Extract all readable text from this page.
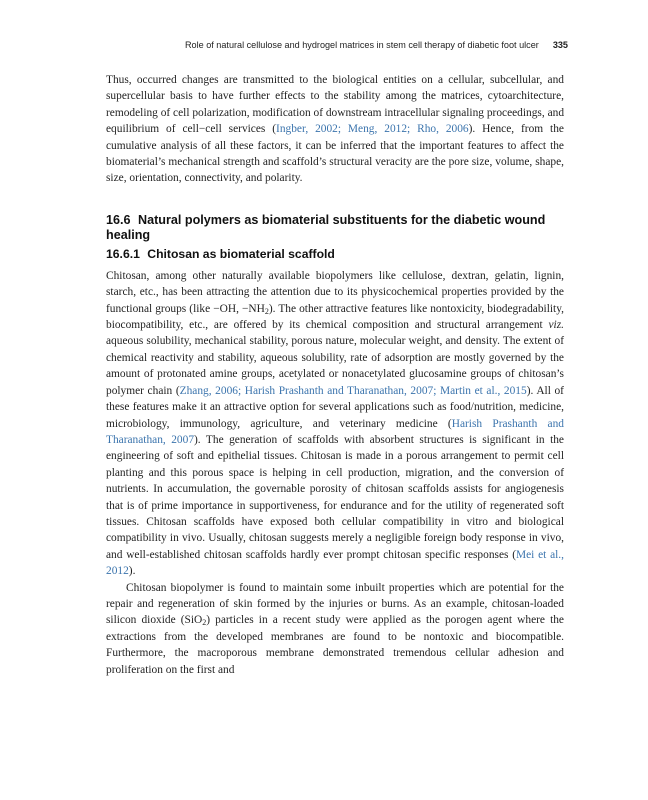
Role of natural cellulose and hydrogel matrices in stem cell therapy of diabetic foot ulcer 335

Thus, occurred changes are transmitted to the biological entities on a cellular, subcellular, and supercellular basis to have further effects to the stability among the matrices, cytoarchitecture, remodeling of cell polarization, modification of downstream intracellular signaling proceedings, and equilibrium of cell−cell services (Ingber, 2002; Meng, 2012; Rho, 2006). Hence, from the cumulative analysis of all these factors, it can be inferred that the important features to affect the biomaterial’s mechanical strength and scaffold’s structural veracity are the pore size, volume, shape, size, orientation, connectivity, and polarity.

16.6 Natural polymers as biomaterial substituents for the diabetic wound healing
16.6.1 Chitosan as biomaterial scaffold

Chitosan, among other naturally available biopolymers like cellulose, dextran, gelatin, lignin, starch, etc., has been attracting the attention due to its physicochemical properties provided by the functional groups (like −OH, $-NH_2$). The other attractive features like nontoxicity, biodegradability, biocompatibility, etc., are offered by its chemical composition and structural arrangement viz. aqueous solubility, mechanical stability, porous nature, molecular weight, and density. The extent of chemical reactivity and stability, aqueous solubility, rate of adsorption are mostly governed by the amount of protonated amine groups, acetylated or nonacetylated glucosamine groups of chitosan’s polymer chain (Zhang, 2006; Harish Prashanth and Tharanathan, 2007; Martin et al., 2015). All of these features make it an attractive option for several applications such as food/nutrition, medicine, microbiology, immunology, agriculture, and veterinary medicine (Harish Prashanth and Tharanathan, 2007). The generation of scaffolds with absorbent structures is significant in the engineering of soft and epithelial tissues. Chitosan is made in a porous arrangement to permit cell planting and this porous space is helping in cell production, migration, and the conversion of nutrients. In accumulation, the governable porosity of chitosan scaffolds assists for angiogenesis that is of prime importance in supportiveness, for endurance and for the utility of regenerated soft tissues. Chitosan scaffolds have exposed both cellular compatibility in vitro and biological compatibility in vivo. Usually, chitosan suggests merely a negligible foreign body response in vivo, and well-established chitosan scaffolds hardly ever prompt chitosan specific responses (Mei et al., 2012).

Chitosan biopolymer is found to maintain some inbuilt properties which are potential for the repair and regeneration of skin formed by the injuries or burns. As an example, chitosan-loaded silicon dioxide (SiO$_2$) particles in a recent study were applied as the porogen agent where the extractions from the developed membranes are found to be nontoxic and biocompatible. Furthermore, the macroporous membrane demonstrated tremendous cellular adhesion and proliferation on the first and
